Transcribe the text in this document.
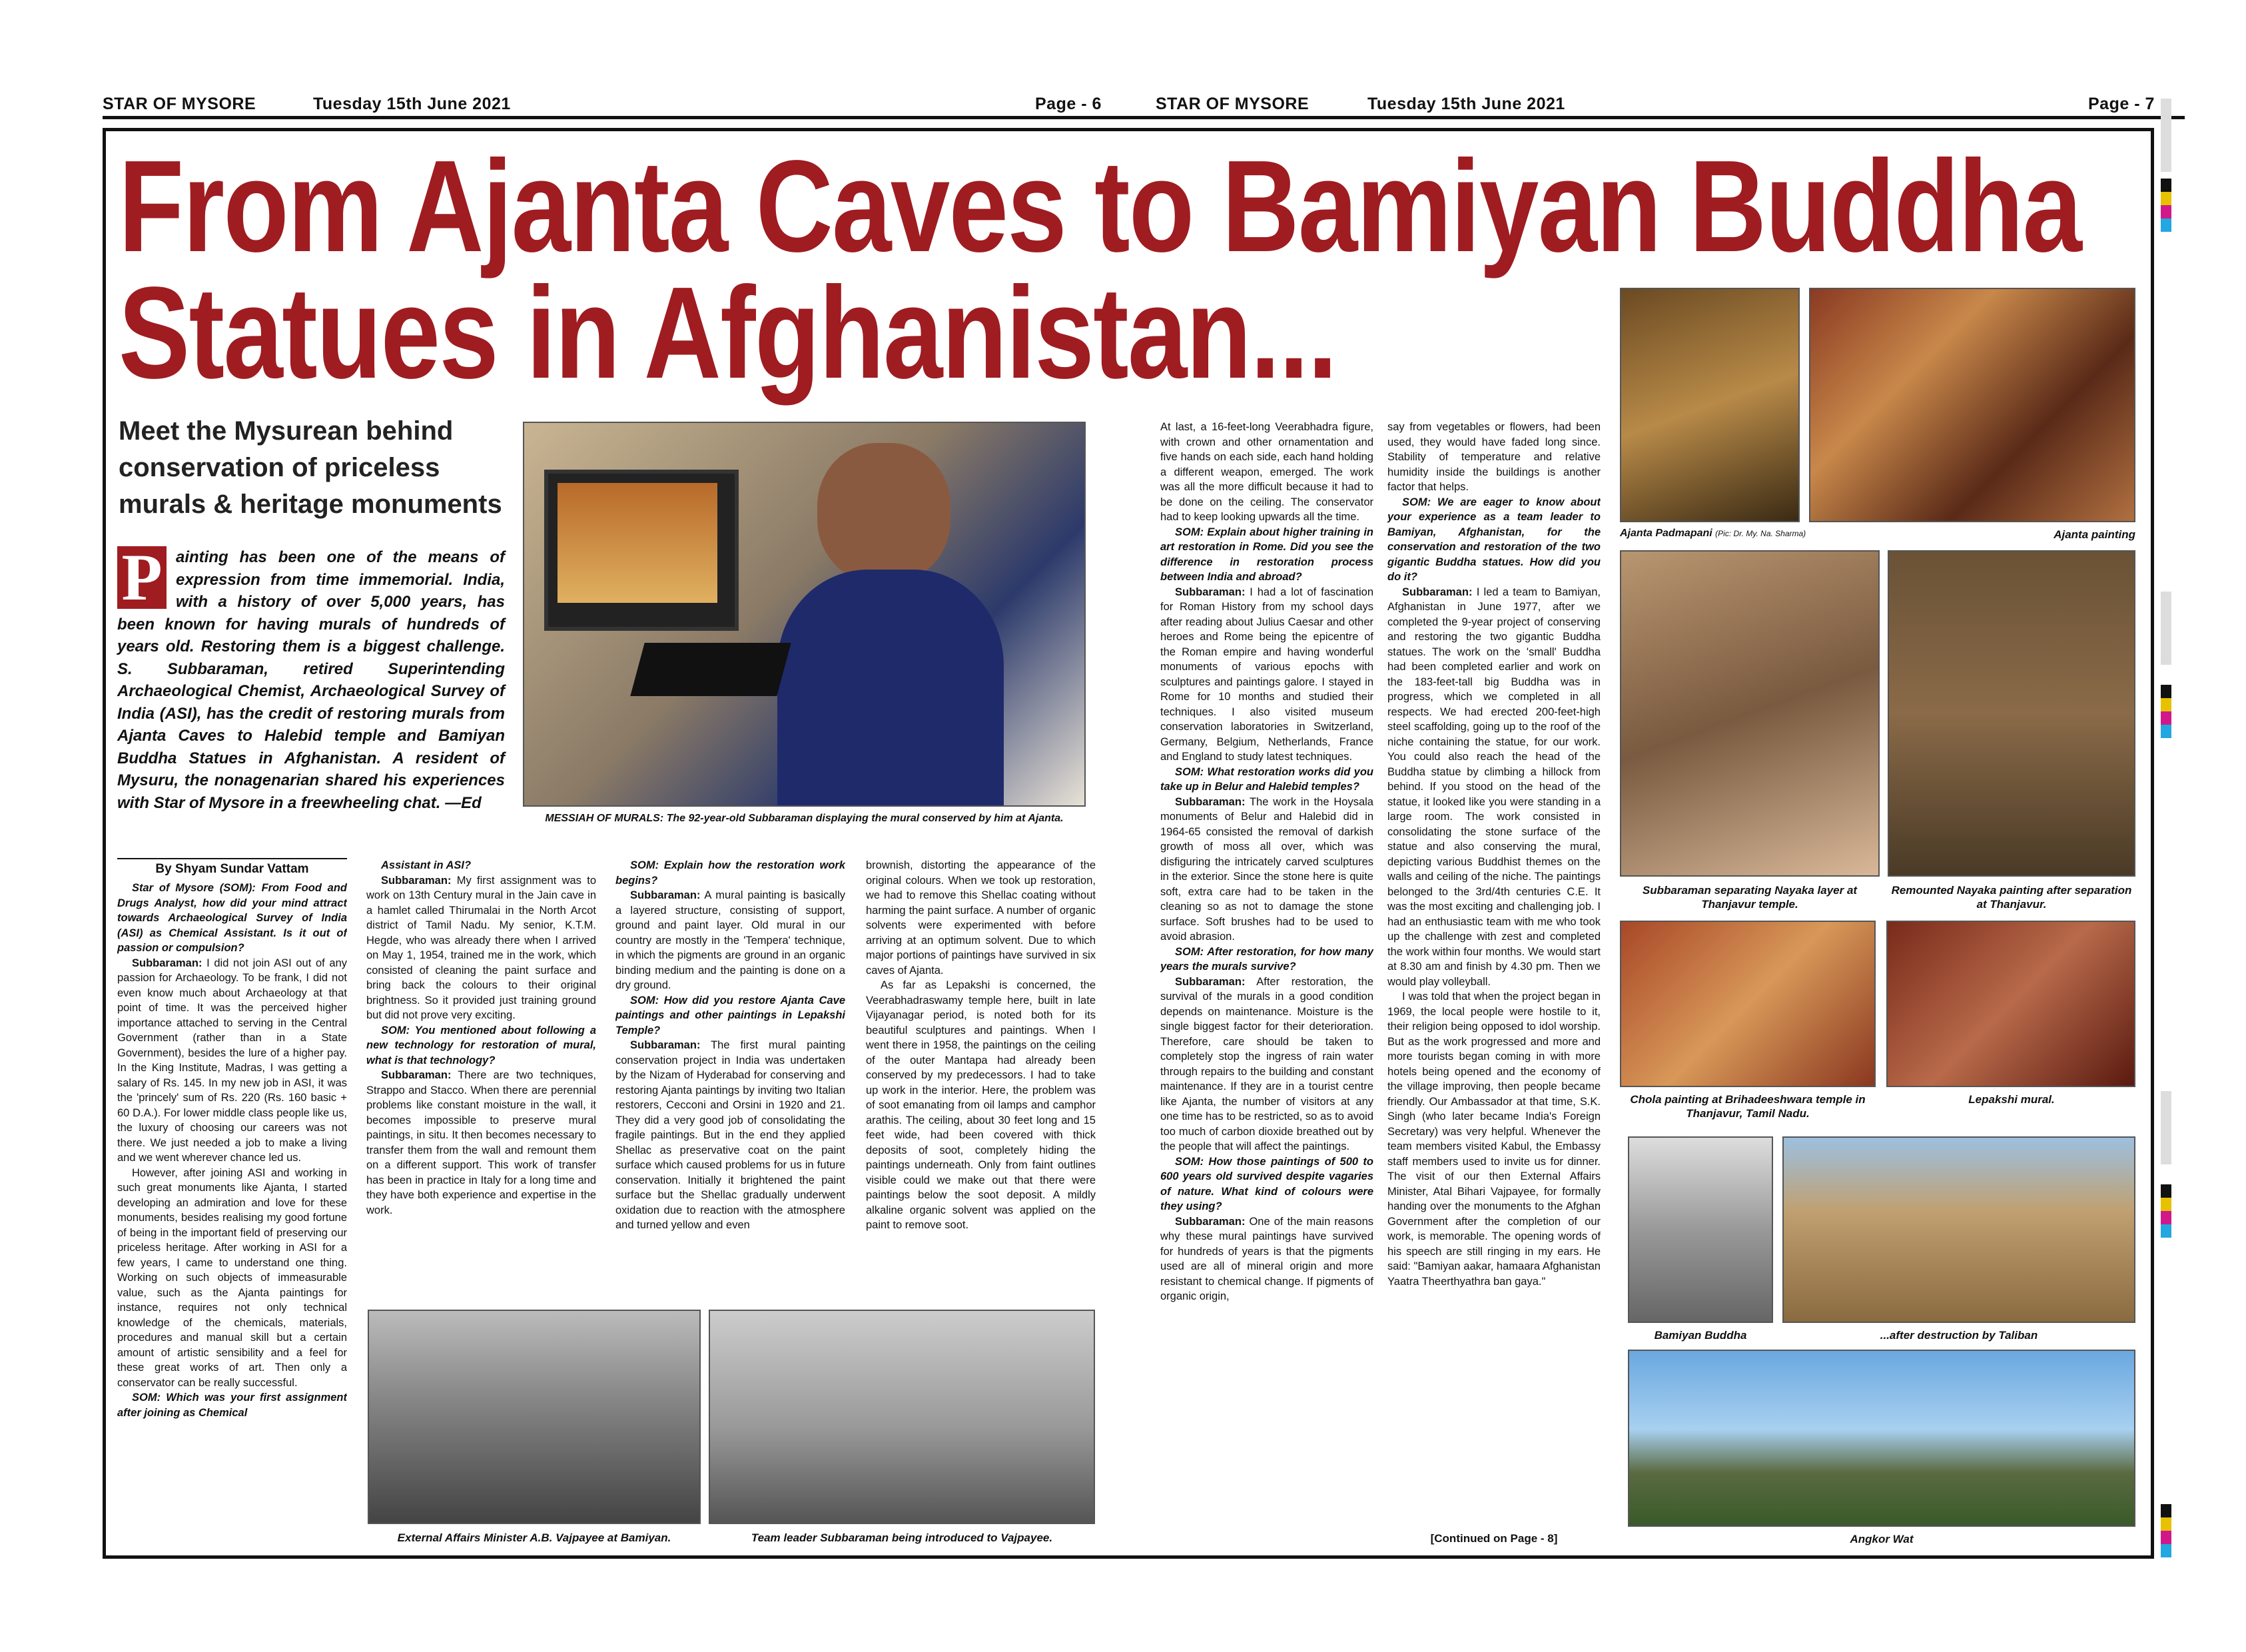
STAR OF MYSORE	Tuesday 15th June 2021	Page - 6	STAR OF MYSORE	Tuesday 15th June 2021	Page - 7
From Ajanta Caves to Bamiyan Buddha
Statues in Afghanistan...
Meet the Mysurean behind
conservation of priceless
murals & heritage monuments
P ainting has been one of the means of expression from time immemorial. India, with a history of over 5,000 years, has been known for having murals of hundreds of years old. Restoring them is a biggest challenge. S. Subbaraman, retired Superintending Archaeological Chemist, Archaeological Survey of India (ASI), has the credit of restoring murals from Ajanta Caves to Halebid temple and Bamiyan Buddha Statues in Afghanistan. A resident of Mysuru, the nonagenarian shared his experiences with Star of Mysore in a freewheeling chat. —Ed
MESSIAH OF MURALS: The 92-year-old Subbaraman displaying the mural conserved by him at Ajanta.
By Shyam Sundar Vattam

Star of Mysore (SOM): From Food and Drugs Analyst, how did your mind attract towards Archaeological Survey of India (ASI) as Chemical Assistant. Is it out of passion or compulsion?

Subbaraman: I did not join ASI out of any passion for Archaeology. To be frank, I did not even know much about Archaeology at that point of time. It was the perceived higher importance attached to serving in the Central Government (rather than in a State Government), besides the lure of a higher pay. In the King Institute, Madras, I was getting a salary of Rs. 145. In my new job in ASI, it was the 'princely' sum of Rs. 220 (Rs. 160 basic + 60 D.A.). For lower middle class people like us, the luxury of choosing our careers was not there. We just needed a job to make a living and we went wherever chance led us.

However, after joining ASI and working in such great monuments like Ajanta, I started developing an admiration and love for these monuments, besides realising my good fortune of being in the important field of preserving our priceless heritage. After working in ASI for a few years, I came to understand one thing. Working on such objects of immeasurable value, such as the Ajanta paintings for instance, requires not only technical knowledge of the chemicals, materials, procedures and manual skill but a certain amount of artistic sensibility and a feel for these great works of art. Then only a conservator can be really successful.

SOM: Which was your first assignment after joining as Chemical

Assistant in ASI?

Subbaraman: My first assignment was to work on 13th Century mural in the Jain cave in a hamlet called Thirumalai in the North Arcot district of Tamil Nadu. My senior, K.T.M. Hegde, who was already there when I arrived on May 1, 1954, trained me in the work, which consisted of cleaning the paint surface and bring back the colours to their original brightness. So it provided just training ground but did not prove very exciting.

SOM: You mentioned about following a new technology for restoration of mural, what is that technology?

Subbaraman: There are two techniques, Strappo and Stacco. When there are perennial problems like constant moisture in the wall, it becomes impossible to preserve mural paintings, in situ. It then becomes necessary to transfer them from the wall and remount them on a different support. This work of transfer has been in practice in Italy for a long time and they have both experience and expertise in the work.

SOM: Explain how the restoration work begins?

Subbaraman: A mural painting is basically a layered structure, consisting of support, ground and paint layer. Old mural in our country are mostly in the 'Tempera' technique, in which the pigments are ground in an organic binding medium and the painting is done on a dry ground.

SOM: How did you restore Ajanta Cave paintings and other paintings in Lepakshi Temple?

Subbaraman: The first mural painting conservation project in India was undertaken by the Nizam of Hyderabad for conserving and restoring Ajanta paintings by inviting two Italian restorers, Cecconi and Orsini in 1920 and 21. They did a very good job of consolidating the fragile paintings. But in the end they applied Shellac as preservative coat on the paint surface which caused problems for us in future conservation. Initially it brightened the paint surface but the Shellac gradually underwent oxidation due to reaction with the atmosphere and turned yellow and even

brownish, distorting the appearance of the original colours. When we took up restoration, we had to remove this Shellac coating without harming the paint surface. A number of organic solvents were experimented with before arriving at an optimum solvent. Due to which major portions of paintings have survived in six caves of Ajanta.

As far as Lepakshi is concerned, the Veerabhadraswamy temple here, built in late Vijayanagar period, is noted both for its beautiful sculptures and paintings. When I went there in 1958, the paintings on the ceiling of the outer Mantapa had already been conserved by my predecessors. I had to take up work in the interior. Here, the problem was of soot emanating from oil lamps and camphor arathis. The ceiling, about 30 feet long and 15 feet wide, had been covered with thick deposits of soot, completely hiding the paintings underneath. Only from faint outlines visible could we make out that there were paintings below the soot deposit. A mildly alkaline organic solvent was applied on the paint to remove soot.

At last, a 16-feet-long Veerabhadra figure, with crown and other ornamentation and five hands on each side, each hand holding a different weapon, emerged. The work was all the more difficult because it had to be done on the ceiling. The conservator had to keep looking upwards all the time.

SOM: Explain about higher training in art restoration in Rome. Did you see the difference in restoration process between India and abroad?

Subbaraman: I had a lot of fascination for Roman History from my school days after reading about Julius Caesar and other heroes and Rome being the epicentre of the Roman empire and having wonderful monuments of various epochs with sculptures and paintings galore. I stayed in Rome for 10 months and studied their techniques. I also visited museum conservation laboratories in Switzerland, Germany, Belgium, Netherlands, France and England to study latest techniques.

SOM: What restoration works did you take up in Belur and Halebid temples?

Subbaraman: The work in the Hoysala monuments of Belur and Halebid did in 1964-65 consisted the removal of darkish growth of moss all over, which was disfiguring the intricately carved sculptures in the exterior. Since the stone here is quite soft, extra care had to be taken in the cleaning so as not to damage the stone surface. Soft brushes had to be used to avoid abrasion.

SOM: After restoration, for how many years the murals survive?

Subbaraman: After restoration, the survival of the murals in a good condition depends on maintenance. Moisture is the single biggest factor for their deterioration. Therefore, care should be taken to completely stop the ingress of rain water through repairs to the building and constant maintenance. If they are in a tourist centre like Ajanta, the number of visitors at any one time has to be restricted, so as to avoid too much of carbon dioxide breathed out by the people that will affect the paintings.

SOM: How those paintings of 500 to 600 years old survived despite vagaries of nature. What kind of colours were they using?

Subbaraman: One of the main reasons why these mural paintings have survived for hundreds of years is that the pigments used are all of mineral origin and more resistant to chemical change. If pigments of organic origin,

say from vegetables or flowers, had been used, they would have faded long since. Stability of temperature and relative humidity inside the buildings is another factor that helps.

SOM: We are eager to know about your experience as a team leader to Bamiyan, Afghanistan, for the conservation and restoration of the two gigantic Buddha statues. How did you do it?

Subbaraman: I led a team to Bamiyan, Afghanistan in June 1977, after we completed the 9-year project of conserving and restoring the two gigantic Buddha statues. The work on the 'small' Buddha had been completed earlier and work on the 183-feet-tall big Buddha was in progress, which we completed in all respects. We had erected 200-feet-high steel scaffolding, going up to the roof of the niche containing the statue, for our work. You could also reach the head of the Buddha statue by climbing a hillock from behind. If you stood on the head of the statue, it looked like you were standing in a large room. The work consisted in consolidating the stone surface of the statue and also conserving the mural, depicting various Buddhist themes on the walls and ceiling of the niche. The paintings belonged to the 3rd/4th centuries C.E. It was the most exciting and challenging job. I had an enthusiastic team with me who took up the challenge with zest and completed the work within four months. We would start at 8.30 am and finish by 4.30 pm. Then we would play volleyball.

I was told that when the project began in 1969, the local people were hostile to it, their religion being opposed to idol worship. But as the work progressed and more and more tourists began coming in with more hotels being opened and the economy of the village improving, then people became friendly. Our Ambassador at that time, S.K. Singh (who later became India's Foreign Secretary) was very helpful. Whenever the team members visited Kabul, the Embassy staff members used to invite us for dinner. The visit of our then External Affairs Minister, Atal Bihari Vajpayee, for formally handing over the monuments to the Afghan Government after the completion of our work, is memorable. The opening words of his speech are still ringing in my ears. He said: "Bamiyan aakar, hamaara Afghanistan Yaatra Theerthyathra ban gaya."

[Continued on Page - 8]
External Affairs Minister A.B. Vajpayee at Bamiyan.	Team leader Subbaraman being introduced to Vajpayee.
Ajanta Padmapani (Pic: Dr. My. Na. Sharma)	Ajanta painting
Subbaraman separating Nayaka layer at Thanjavur temple.
Remounted Nayaka painting after separation at Thanjavur.
Chola painting at Brihadeeshwara temple in Thanjavur, Tamil Nadu.
Lepakshi mural.
Bamiyan Buddha	...after destruction by Taliban
Angkor Wat
